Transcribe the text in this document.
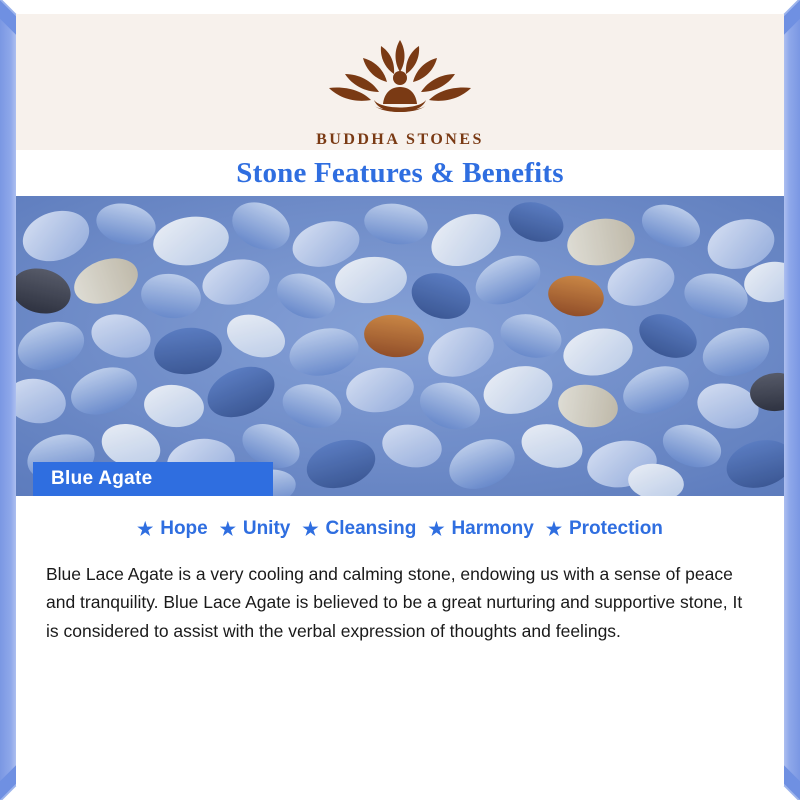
BUDDHA STONES
Stone Features & Benefits
Blue Agate
★ Hope ★ Unity ★ Cleansing ★ Harmony ★ Protection

Blue Lace Agate is a very cooling and calming stone, endowing us with a sense of peace and tranquility. Blue Lace Agate is believed to be a great nurturing and supportive stone, It is considered to assist with the verbal expression of thoughts and feelings.
